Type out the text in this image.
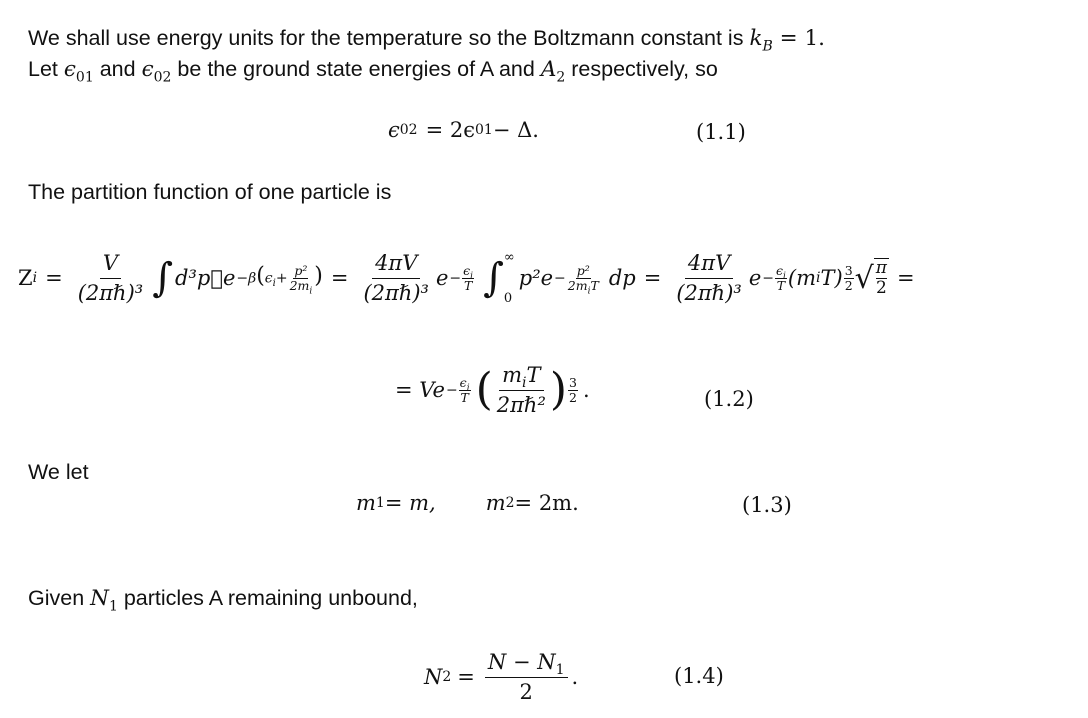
We shall use energy units for the temperature so the Boltzmann constant is $k_B = 1$.
Let $\epsilon_{01}$ and $\epsilon_{02}$ be the ground state energies of A and $A_2$ respectively, so
ϵ 02 = 2ϵ 01 − Δ.	(1.1)
The partition function of one particle is
Z $i = \frac{V}{\text{(2πℏ)³}}$ ∫ d³p⃗e $-\beta(\epsilon_i+ \frac{\text{p²}}{2m_i}$ ) = $\frac{4\pi V}{\text{(2πℏ)³}}$ $e - \frac{\epsilon_i}{T}$ ∫ ∞
0
$p^2e - \frac{\text{p²}}{2m_iT}$ dp = $\frac{4\pi V}{\text{(2πℏ)³}}$ $e - \frac{\epsilon_i}{T} (m$ i $T) \frac{3}{2}$ √ $\frac{\pi}{2}$ =
= $Ve - \frac{\epsilon_i}{T}$ ( $\frac{m_iT}{\text{2πℏ²}}$ ) $\frac{3}{2}$ .	(1.2)
We let
m 1 = m, m 2 = 2m.	(1.3)
Given $N_1$ particles A remaining unbound,
N $2 = \frac{N - N_1}{2}$ .	(1.4)
